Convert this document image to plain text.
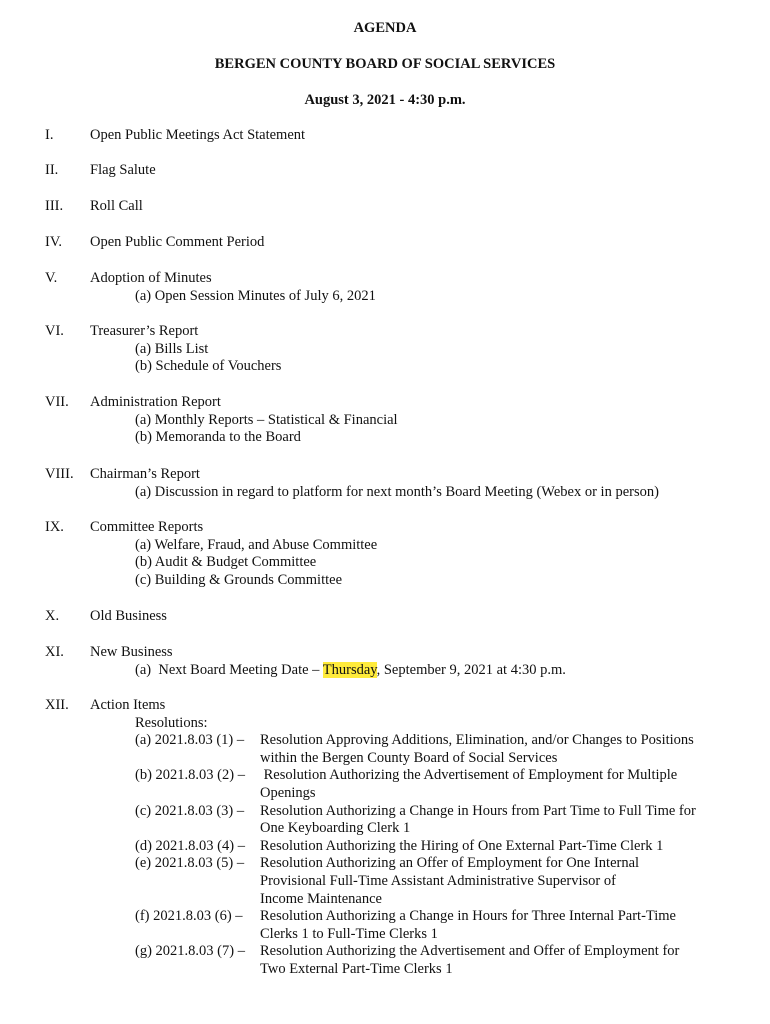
AGENDA
BERGEN COUNTY BOARD OF SOCIAL SERVICES
August 3, 2021 - 4:30 p.m.
I.	Open Public Meetings Act Statement
II. Flag Salute
III. Roll Call
IV. Open Public Comment Period
V. Adoption of Minutes
(a) Open Session Minutes of July 6, 2021
VI. Treasurer’s Report
(a) Bills List
(b) Schedule of Vouchers
VII. Administration Report
(a) Monthly Reports – Statistical & Financial
(b) Memoranda to the Board
VIII. Chairman’s Report
(a) Discussion in regard to platform for next month’s Board Meeting (Webex or in person)
IX. Committee Reports
(a) Welfare, Fraud, and Abuse Committee
(b) Audit & Budget Committee
(c) Building & Grounds Committee
X. Old Business
XI. New Business
(a)  Next Board Meeting Date – Thursday, September 9, 2021 at 4:30 p.m.
XII. Action Items
Resolutions:
(a) 2021.8.03 (1) – Resolution Approving Additions, Elimination, and/or Changes to Positions
within the Bergen County Board of Social Services
(b) 2021.8.03 (2) – Resolution Authorizing the Advertisement of Employment for Multiple
Openings
(c) 2021.8.03 (3) – Resolution Authorizing a Change in Hours from Part Time to Full Time for
One Keyboarding Clerk 1
(d) 2021.8.03 (4) – Resolution Authorizing the Hiring of One External Part-Time Clerk 1
(e) 2021.8.03 (5) – Resolution Authorizing an Offer of Employment for One Internal
Provisional Full-Time Assistant Administrative Supervisor of
Income Maintenance
(f) 2021.8.03 (6) – Resolution Authorizing a Change in Hours for Three Internal Part-Time
Clerks 1 to Full-Time Clerks 1
(g) 2021.8.03 (7) – Resolution Authorizing the Advertisement and Offer of Employment for
Two External Part-Time Clerks 1
